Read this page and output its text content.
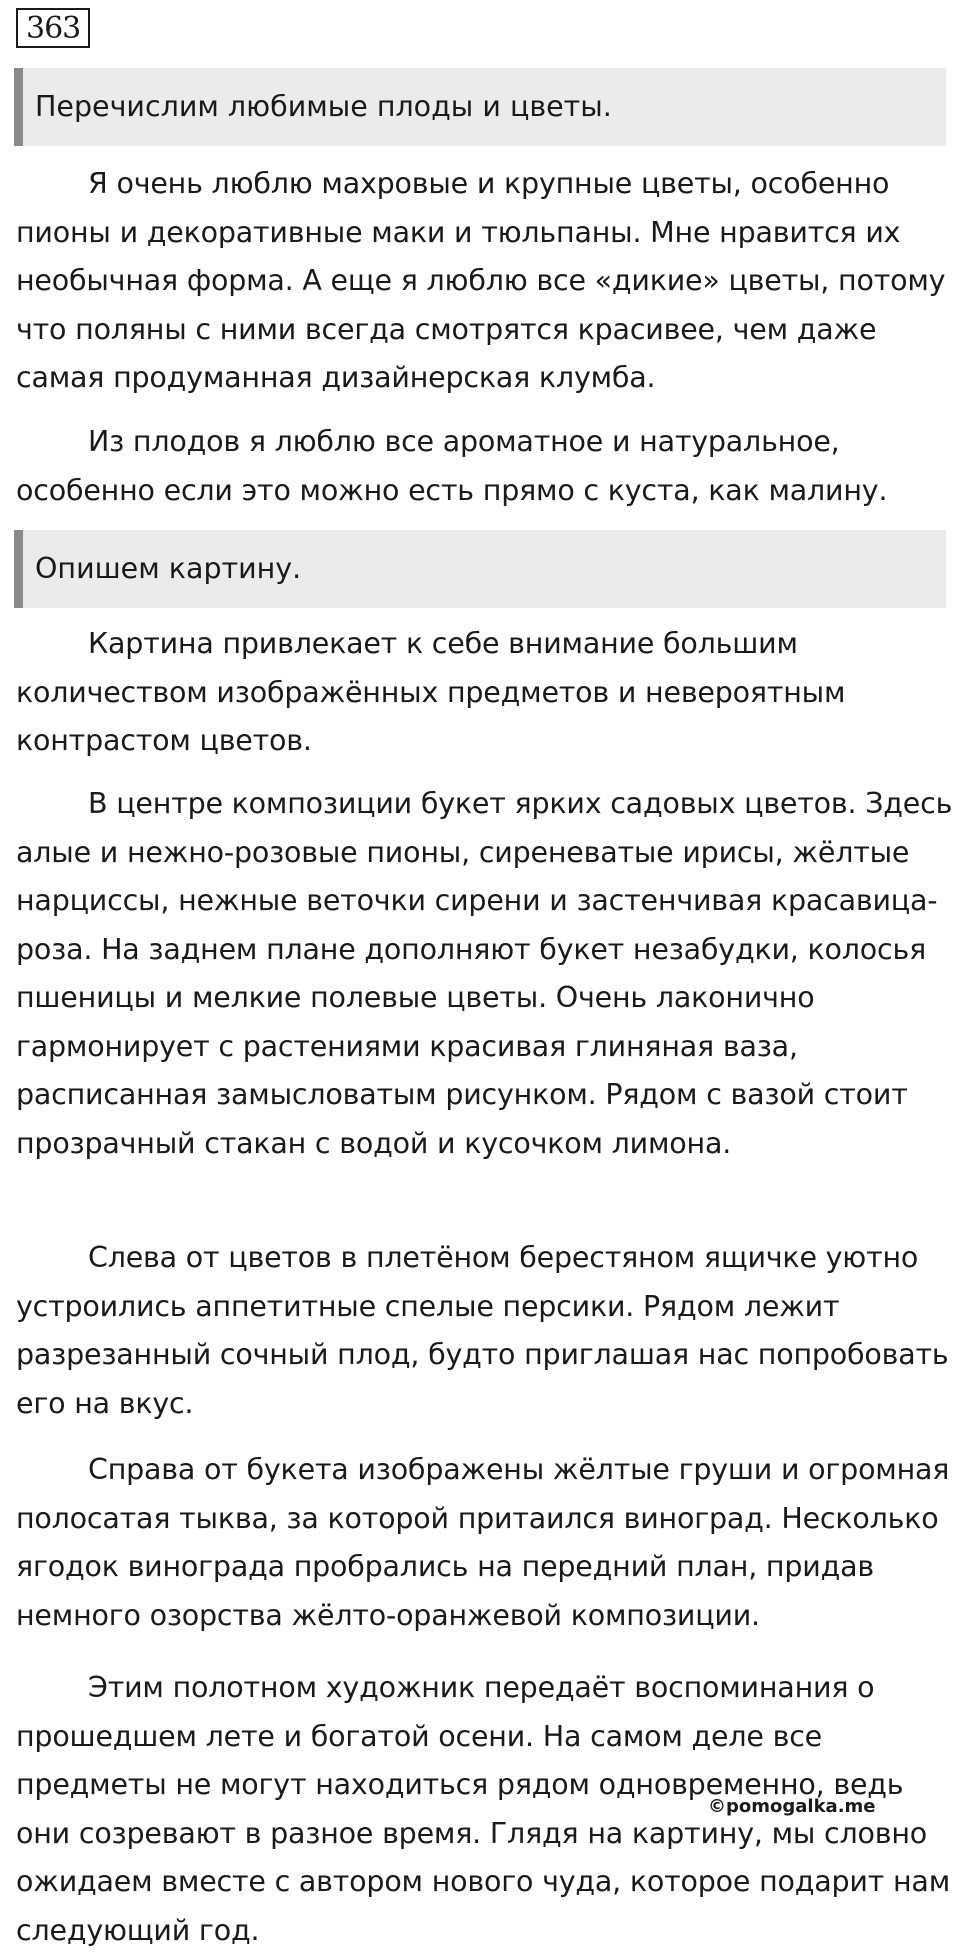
363
Перечислим любимые плоды и цветы.

Я очень люблю махровые и крупные цветы, особенно пионы и декоративные маки и тюльпаны. Мне нравится их необычная форма. А еще я люблю все «дикие» цветы, потому что поляны с ними всегда смотрятся красивее, чем даже самая продуманная дизайнерская клумба.

Из плодов я люблю все ароматное и натуральное, особенно если это можно есть прямо с куста, как малину.

Опишем картину.

Картина привлекает к себе внимание большим количеством изображённых предметов и невероятным контрастом цветов.

В центре композиции букет ярких садовых цветов. Здесь алые и нежно-розовые пионы, сиреневатые ирисы, жёлтые нарциссы, нежные веточки сирени и застенчивая красавица-роза. На заднем плане дополняют букет незабудки, колосья пшеницы и мелкие полевые цветы. Очень лаконично гармонирует с растениями красивая глиняная ваза, расписанная замысловатым рисунком. Рядом с вазой стоит прозрачный стакан с водой и кусочком лимона.

Слева от цветов в плетёном берестяном ящичке уютно устроились аппетитные спелые персики. Рядом лежит разрезанный сочный плод, будто приглашая нас попробовать его на вкус.

Справа от букета изображены жёлтые груши и огромная полосатая тыква, за которой притаился виноград. Несколько ягодок винограда пробрались на передний план, придав немного озорства жёлто-оранжевой композиции.

Этим полотном художник передаёт воспоминания о прошедшем лете и богатой осени. На самом деле все предметы не могут находиться рядом одновременно, ведь они созревают в разное время. Глядя на картину, мы словно ожидаем вместе с автором нового чуда, которое подарит нам следующий год.

©pomogalka.me
